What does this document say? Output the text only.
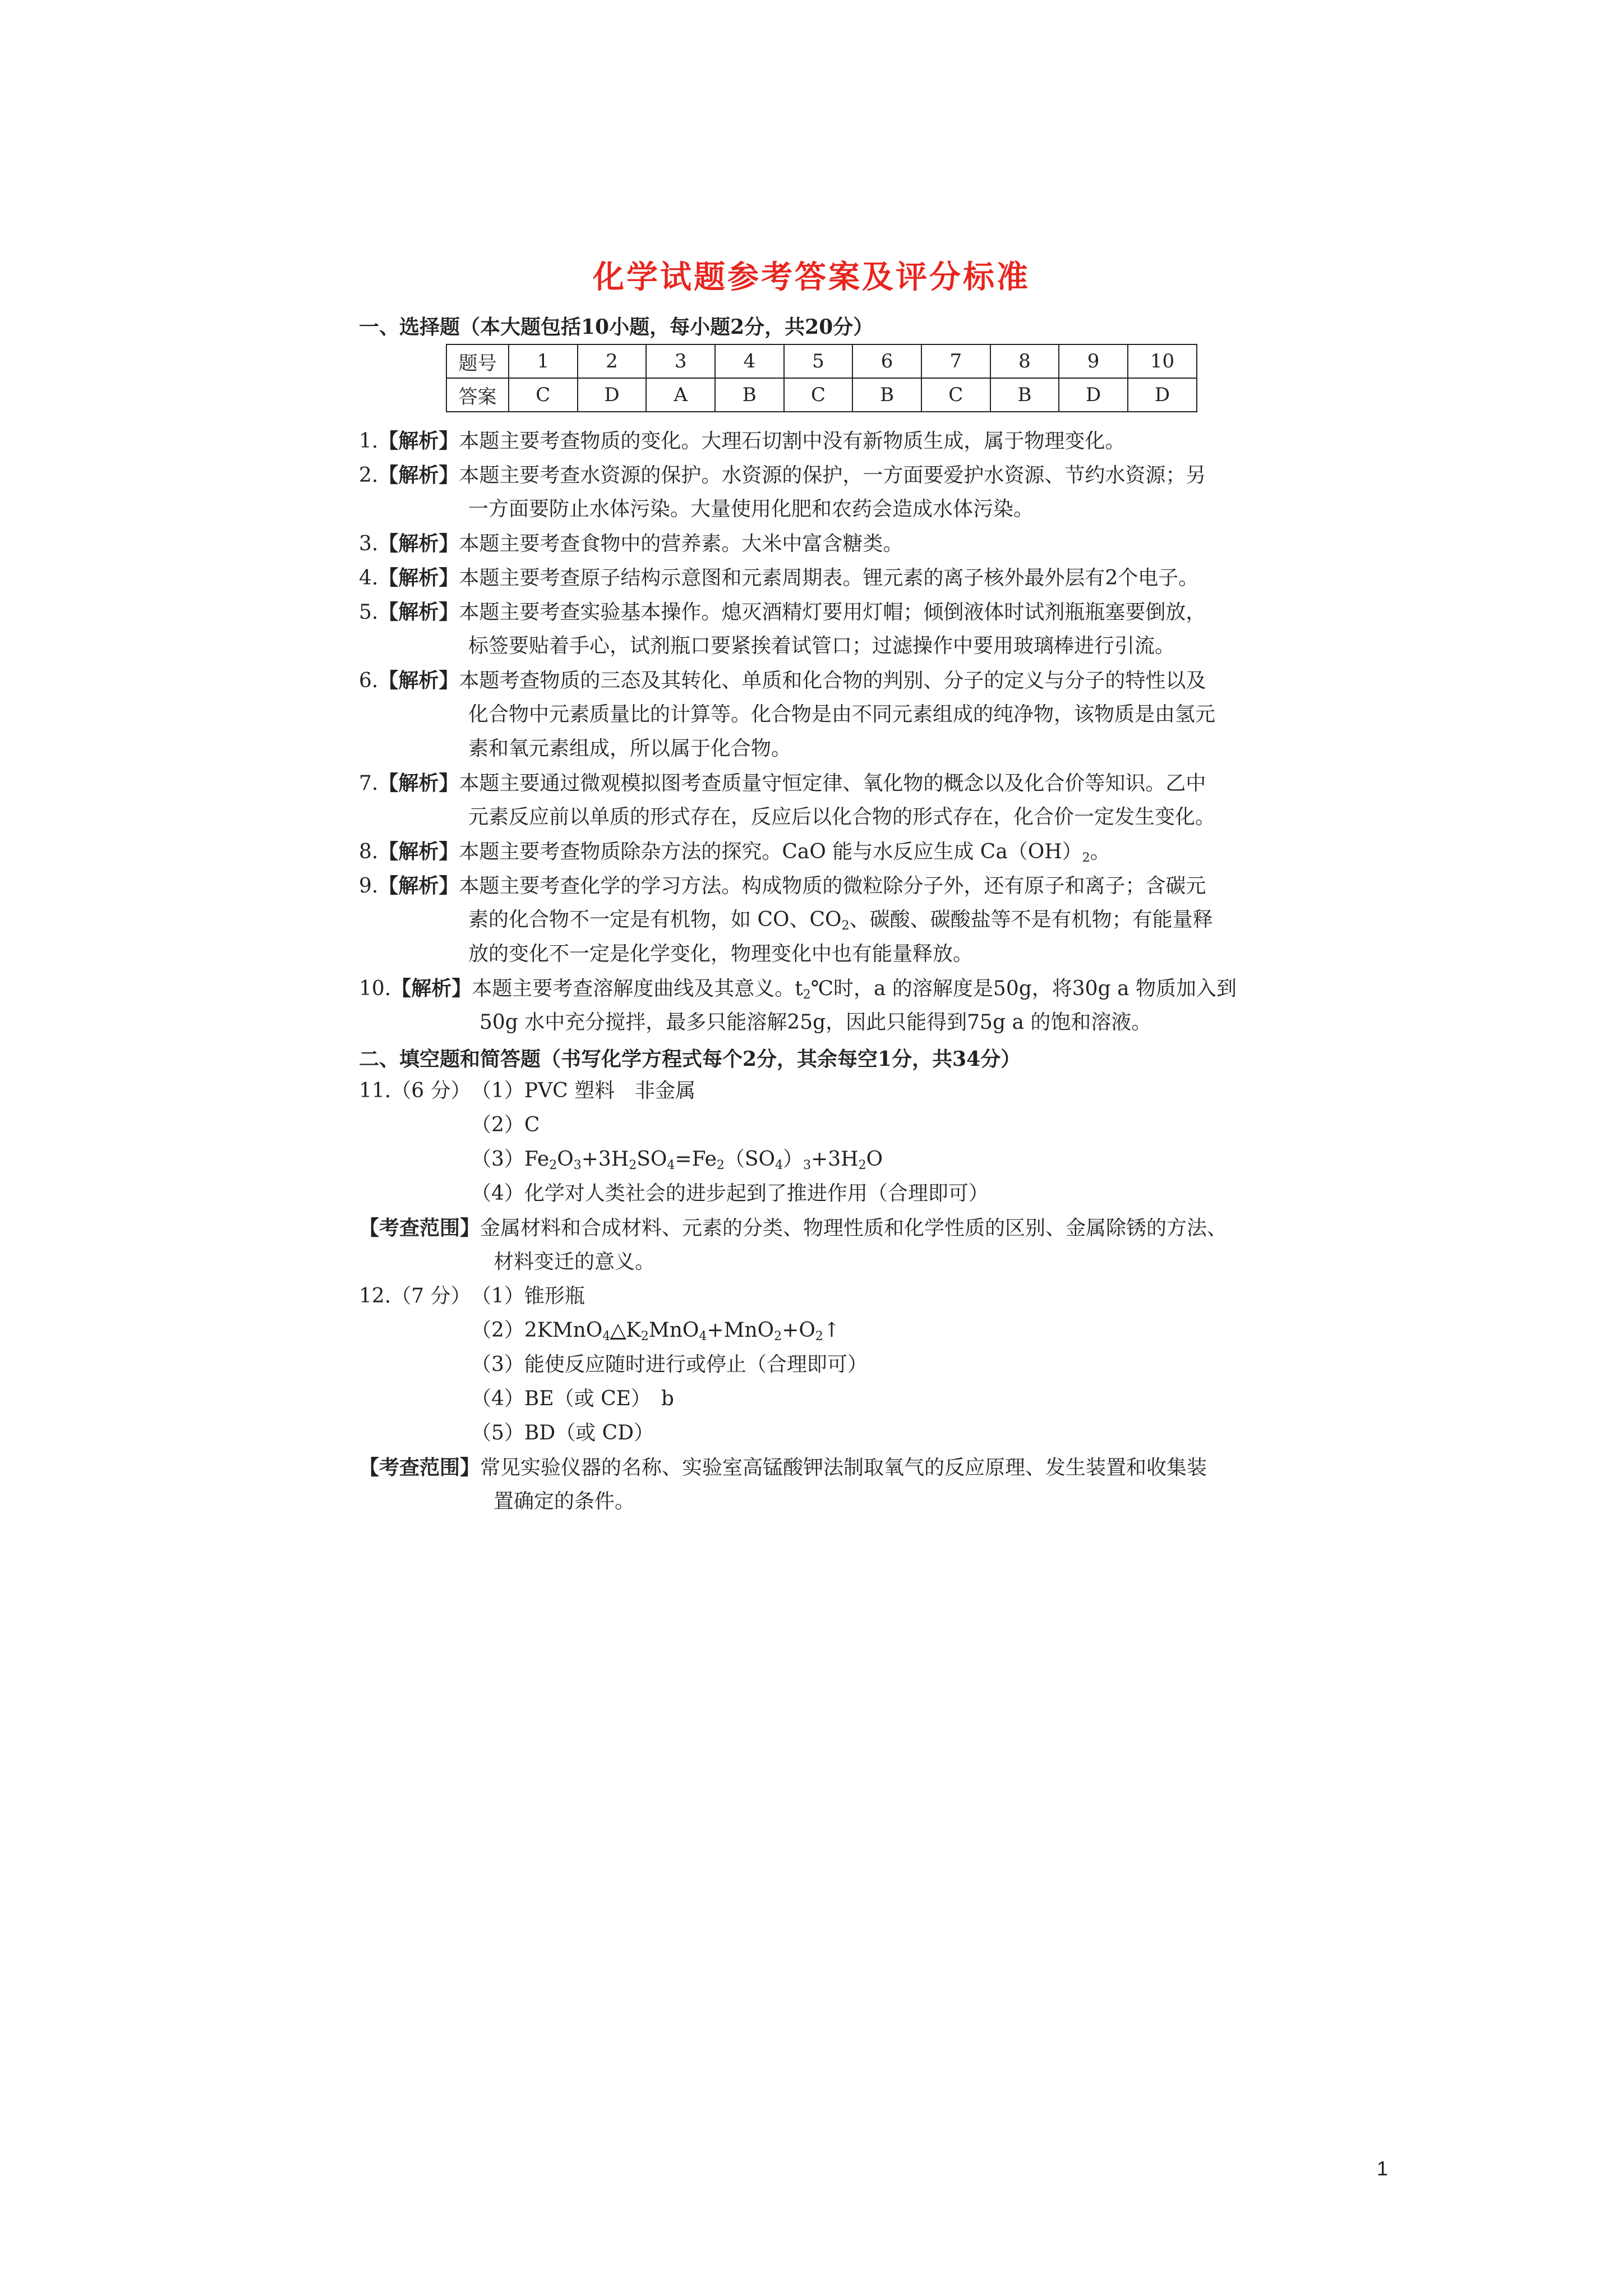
化学试题参考答案及评分标准
一、选择题（本大题包括10小题，每小题2分，共20分）
题号	1	2	3	4	5	6	7	8	9	10
答案	C	D	A	B	C	B	C	B	D	D
1.【解析】本题主要考查物质的变化。大理石切割中没有新物质生成，属于物理变化。
2.【解析】本题主要考查水资源的保护。水资源的保护，一方面要爱护水资源、节约水资源；另
一方面要防止水体污染。大量使用化肥和农药会造成水体污染。
3.【解析】本题主要考查食物中的营养素。大米中富含糖类。
4.【解析】本题主要考查原子结构示意图和元素周期表。锂元素的离子核外最外层有2个电子。
5.【解析】本题主要考查实验基本操作。熄灭酒精灯要用灯帽；倾倒液体时试剂瓶瓶塞要倒放，
标签要贴着手心，试剂瓶口要紧挨着试管口；过滤操作中要用玻璃棒进行引流。
6.【解析】本题考查物质的三态及其转化、单质和化合物的判别、分子的定义与分子的特性以及
化合物中元素质量比的计算等。化合物是由不同元素组成的纯净物，该物质是由氢元
素和氧元素组成，所以属于化合物。
7.【解析】本题主要通过微观模拟图考查质量守恒定律、氧化物的概念以及化合价等知识。乙中
元素反应前以单质的形式存在，反应后以化合物的形式存在，化合价一定发生变化。
8.【解析】本题主要考查物质除杂方法的探究。CaO 能与水反应生成 $Ca(OH)_2$。
9.【解析】本题主要考查化学的学习方法。构成物质的微粒除分子外，还有原子和离子；含碳元
素的化合物不一定是有机物，如 CO、$CO_2$、碳酸、碳酸盐等不是有机物；有能量释
放的变化不一定是化学变化，物理变化中也有能量释放。
10.【解析】本题主要考查溶解度曲线及其意义。$t_2℃$时，a 的溶解度是50g，将30g a 物质加入到
50g 水中充分搅拌，最多只能溶解25g，因此只能得到75g a 的饱和溶液。
二、填空题和简答题（书写化学方程式每个2分，其余每空1分，共34分）
11.（6 分） （1）PVC 塑料　非金属
（2）C
$(3)Fe_2O_3+3H_2SO_4=Fe_2(SO_4)_3+3H_2O$
（4）化学对人类社会的进步起到了推进作用（合理即可）
【考查范围】金属材料和合成材料、元素的分类、物理性质和化学性质的区别、金属除锈的方法、
材料变迁的意义。
12.（7 分） （1）锥形瓶
$(2)2KMnO_4\triangle K_2MnO_4+MnO_2+O_2↑$
（3）能使反应随时进行或停止（合理即可）
（4）BE（或 CE）　b
（5）BD（或 CD）
【考查范围】常见实验仪器的名称、实验室高锰酸钾法制取氧气的反应原理、发生装置和收集装
置确定的条件。
1
